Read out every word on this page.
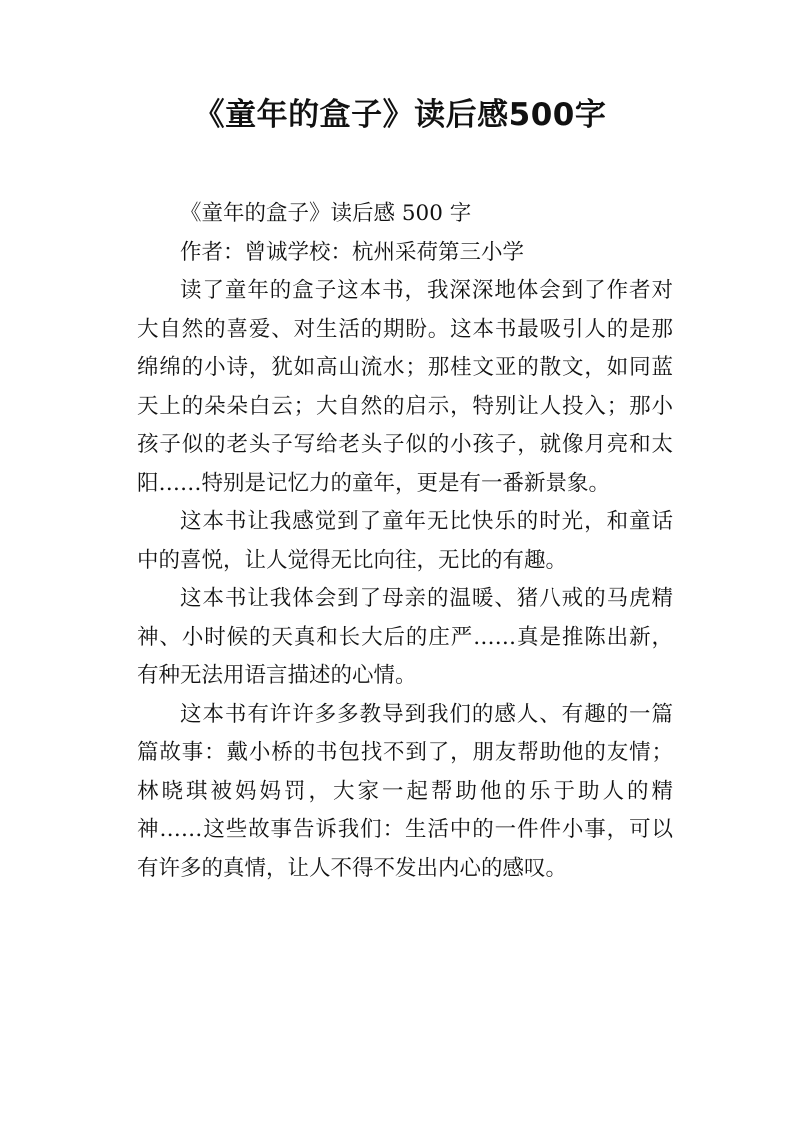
《童年的盒子》读后感500字

《童年的盒子》读后感 500 字

作者：曾诚学校：杭州采荷第三小学

读了童年的盒子这本书，我深深地体会到了作者对大自然的喜爱、对生活的期盼。这本书最吸引人的是那绵绵的小诗，犹如高山流水；那桂文亚的散文，如同蓝天上的朵朵白云；大自然的启示，特别让人投入；那小孩子似的老头子写给老头子似的小孩子，就像月亮和太阳……特别是记忆力的童年，更是有一番新景象。

这本书让我感觉到了童年无比快乐的时光，和童话中的喜悦，让人觉得无比向往，无比的有趣。

这本书让我体会到了母亲的温暖、猪八戒的马虎精神、小时候的天真和长大后的庄严……真是推陈出新，有种无法用语言描述的心情。

这本书有许许多多教导到我们的感人、有趣的一篇篇故事：戴小桥的书包找不到了，朋友帮助他的友情；林晓琪被妈妈罚，大家一起帮助他的乐于助人的精神……这些故事告诉我们：生活中的一件件小事，可以有许多的真情，让人不得不发出内心的感叹。
